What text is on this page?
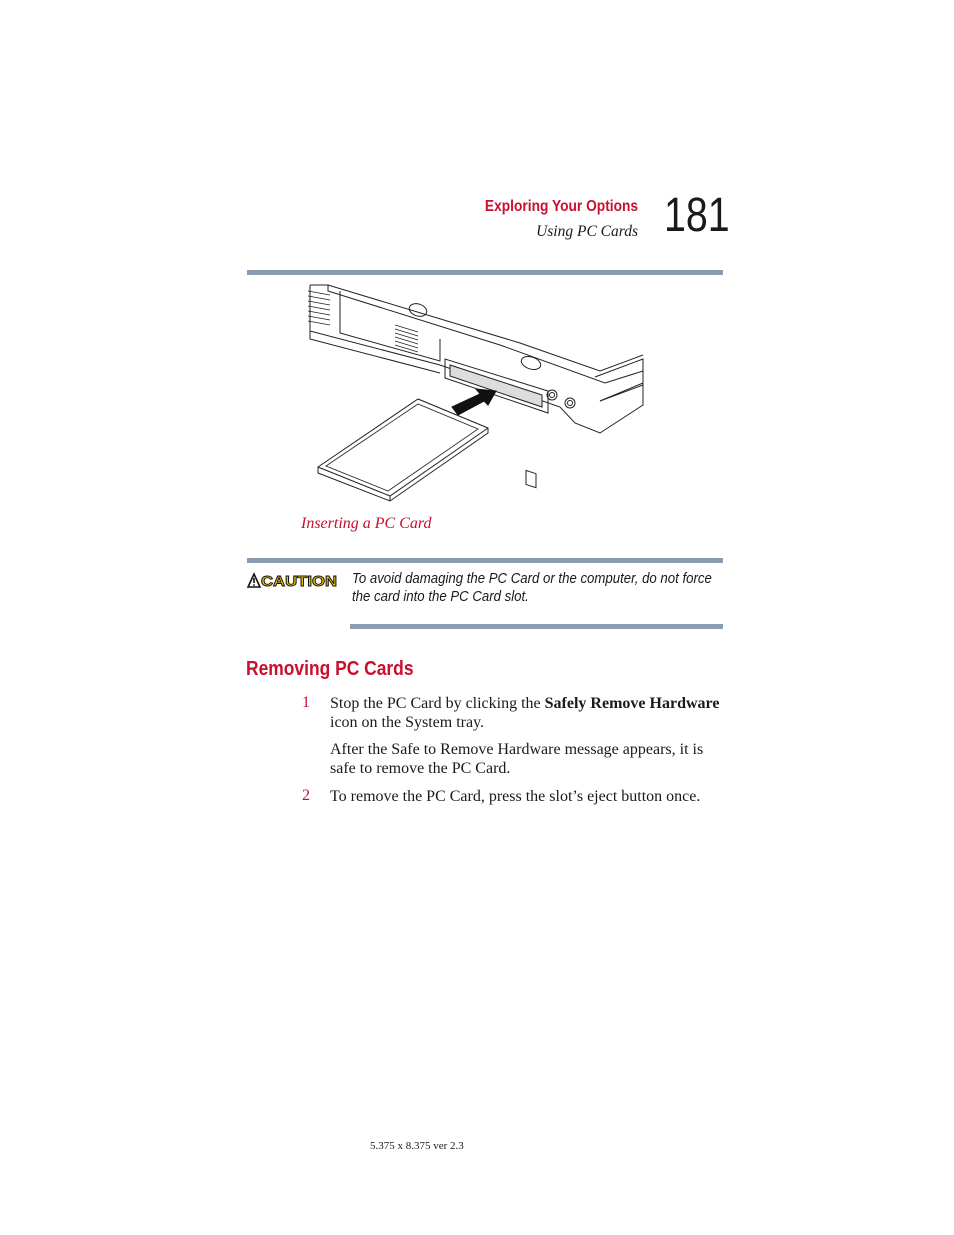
Exploring Your Options
Using PC Cards 181
Inserting a PC Card
CAUTION To avoid damaging the PC Card or the computer, do not force the card into the PC Card slot.
Removing PC Cards
1 Stop the PC Card by clicking the Safely Remove Hardware icon on the System tray.
After the Safe to Remove Hardware message appears, it is safe to remove the PC Card.
2 To remove the PC Card, press the slot’s eject button once.
5.375 x 8.375 ver 2.3
